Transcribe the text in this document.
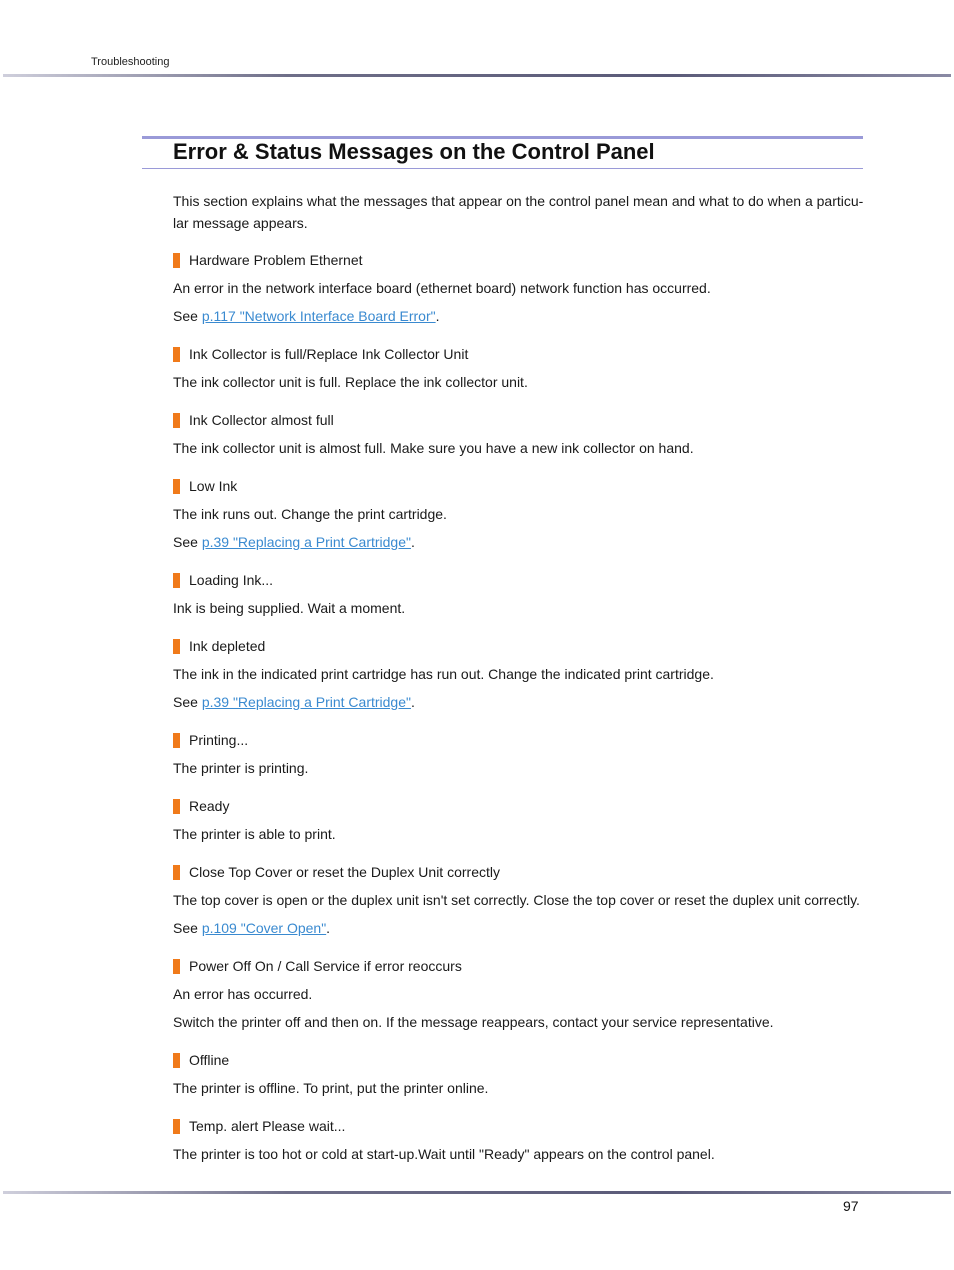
Troubleshooting
Error & Status Messages on the Control Panel

This section explains what the messages that appear on the control panel mean and what to do when a particu-
lar message appears.

Hardware Problem Ethernet

An error in the network interface board (ethernet board) network function has occurred.

See p.117 "Network Interface Board Error".

Ink Collector is full/Replace Ink Collector Unit

The ink collector unit is full. Replace the ink collector unit.

Ink Collector almost full

The ink collector unit is almost full. Make sure you have a new ink collector on hand.

Low Ink

The ink runs out. Change the print cartridge.

See p.39 "Replacing a Print Cartridge".

Loading Ink...

Ink is being supplied. Wait a moment.

Ink depleted

The ink in the indicated print cartridge has run out. Change the indicated print cartridge.

See p.39 "Replacing a Print Cartridge".

Printing...

The printer is printing.

Ready

The printer is able to print.

Close Top Cover or reset the Duplex Unit correctly

The top cover is open or the duplex unit isn't set correctly. Close the top cover or reset the duplex unit correctly.

See p.109 "Cover Open".

Power Off On / Call Service if error reoccurs

An error has occurred.

Switch the printer off and then on. If the message reappears, contact your service representative.

Offline

The printer is offline. To print, put the printer online.

Temp. alert Please wait...

The printer is too hot or cold at start-up.Wait until "Ready" appears on the control panel.

97
